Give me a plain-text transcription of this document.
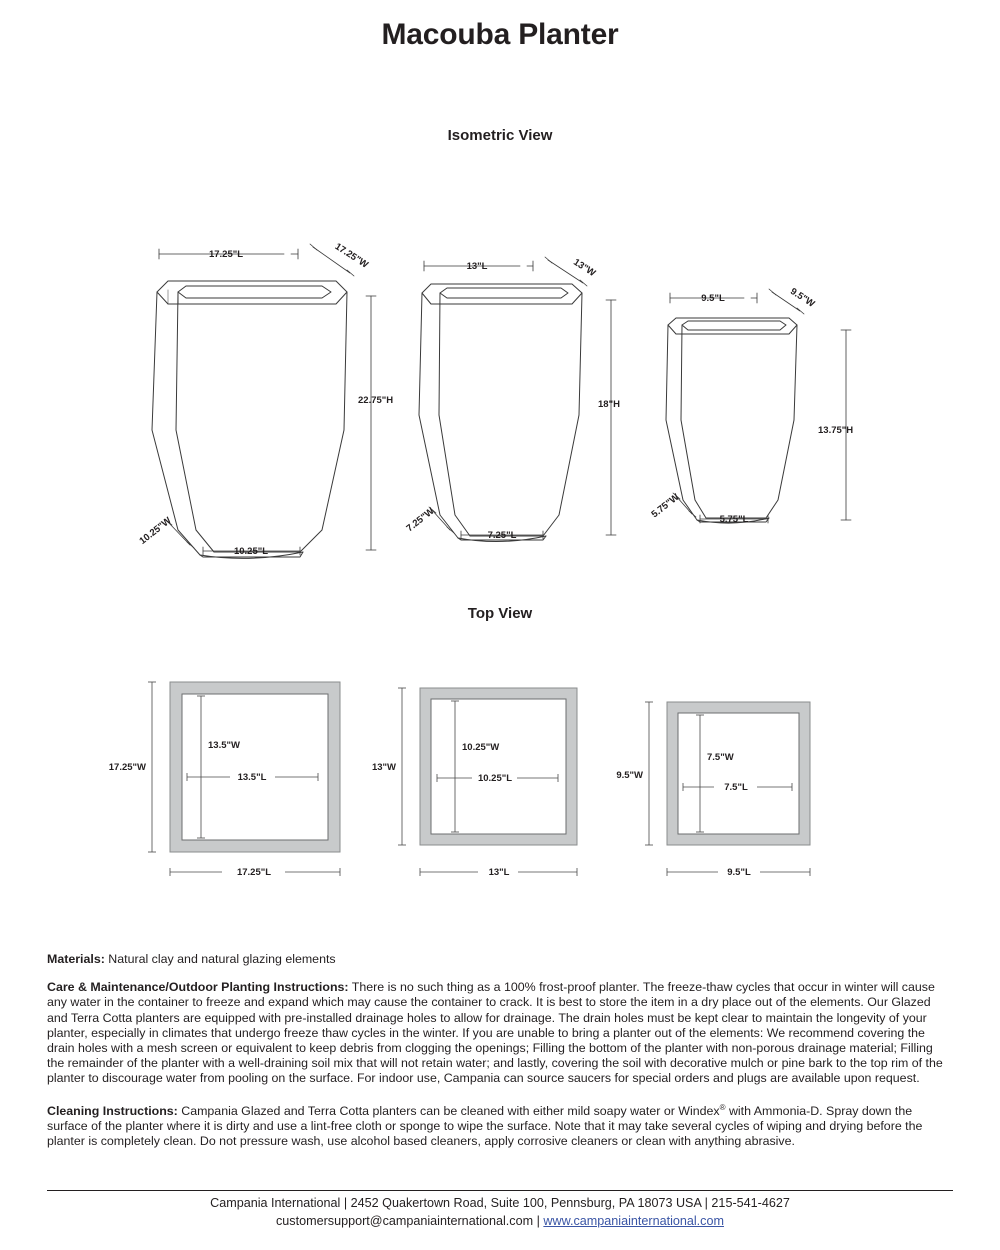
Macouba Planter
Isometric View
17.25"L	17.25"W
22.75"H
10.25"L
10.25"W
13"L	13"W
18"H
7.25"L
7.25"W
9.5"L	9.5"W
13.75"H
5.75"L
5.75"W
Top View
17.25"W
13.5"W
13.5"L
17.25"L
13"W
10.25"W
10.25"L
13"L
9.5"W
7.5"W
7.5"L
9.5"L

Materials: Natural clay and natural glazing elements

Care & Maintenance/Outdoor Planting Instructions: There is no such thing as a 100% frost-proof planter. The freeze-thaw cycles that occur in winter will cause any water in the container to freeze and expand which may cause the container to crack. It is best to store the item in a dry place out of the elements. Our Glazed and Terra Cotta planters are equipped with pre-installed drainage holes to allow for drainage. The drain holes must be kept clear to maintain the longevity of your planter, especially in climates that undergo freeze thaw cycles in the winter. If you are unable to bring a planter out of the elements: We recommend covering the drain holes with a mesh screen or equivalent to keep debris from clogging the openings; Filling the bottom of the planter with non-porous drainage material; Filling the remainder of the planter with a well-draining soil mix that will not retain water; and lastly, covering the soil with decorative mulch or pine bark to the top rim of the planter to discourage water from pooling on the surface. For indoor use, Campania can source saucers for special orders and plugs are available upon request.

Cleaning Instructions: Campania Glazed and Terra Cotta planters can be cleaned with either mild soapy water or Windex® with Ammonia-D. Spray down the surface of the planter where it is dirty and use a lint-free cloth or sponge to wipe the surface. Note that it may take several cycles of wiping and drying before the planter is completely clean. Do not pressure wash, use alcohol based cleaners, apply corrosive cleaners or clean with anything abrasive.

Campania International | 2452 Quakertown Road, Suite 100, Pennsburg, PA 18073 USA | 215-541-4627
customersupport@campaniainternational.com | www.campaniainternational.com
